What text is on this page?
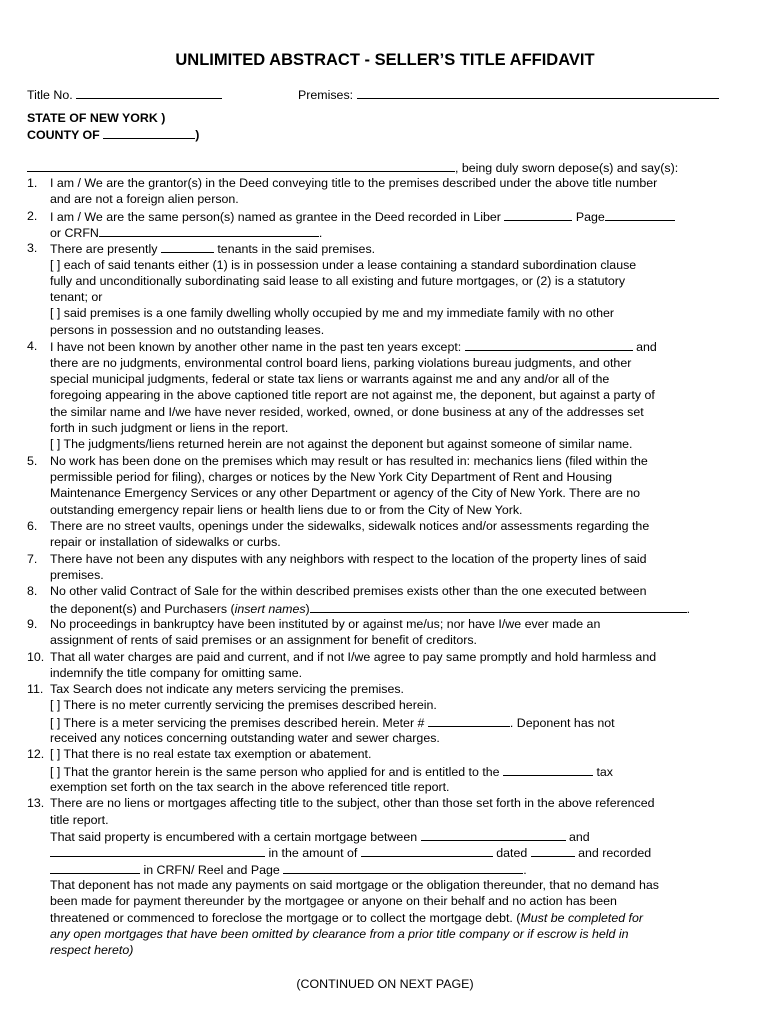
UNLIMITED ABSTRACT - SELLER’S TITLE AFFIDAVIT
Title No.	Premises:
STATE OF NEW YORK )
COUNTY OF	)
, being duly sworn depose(s) and say(s):
1. I am / We are the grantor(s) in the Deed conveying title to the premises described under the above title number
and are not a foreign alien person.
2. I am / We are the same person(s) named as grantee in the Deed recorded in Liber	Page
or CRFN	.
3. There are presently	tenants in the said premises.
[ ] each of said tenants either (1) is in possession under a lease containing a standard subordination clause
fully and unconditionally subordinating said lease to all existing and future mortgages, or (2) is a statutory
tenant; or
[ ] said premises is a one family dwelling wholly occupied by me and my immediate family with no other
persons in possession and no outstanding leases.
4. I have not been known by another other name in the past ten years except:	and
there are no judgments, environmental control board liens, parking violations bureau judgments, and other
special municipal judgments, federal or state tax liens or warrants against me and any and/or all of the
foregoing appearing in the above captioned title report are not against me, the deponent, but against a party of
the similar name and I/we have never resided, worked, owned, or done business at any of the addresses set
forth in such judgment or liens in the report.
[ ] The judgments/liens returned herein are not against the deponent but against someone of similar name.
5. No work has been done on the premises which may result or has resulted in: mechanics liens (filed within the
permissible period for filing), charges or notices by the New York City Department of Rent and Housing
Maintenance Emergency Services or any other Department or agency of the City of New York. There are no
outstanding emergency repair liens or health liens due to or from the City of New York.
6. There are no street vaults, openings under the sidewalks, sidewalk notices and/or assessments regarding the
repair or installation of sidewalks or curbs.
7. There have not been any disputes with any neighbors with respect to the location of the property lines of said
premises.
8. No other valid Contract of Sale for the within described premises exists other than the one executed between
the deponent(s) and Purchasers (insert names)	.
9. No proceedings in bankruptcy have been instituted by or against me/us; nor have I/we ever made an
assignment of rents of said premises or an assignment for benefit of creditors.
10. That all water charges are paid and current, and if not I/we agree to pay same promptly and hold harmless and
indemnify the title company for omitting same.
11. Tax Search does not indicate any meters servicing the premises.
[ ] There is no meter currently servicing the premises described herein.
[ ] There is a meter servicing the premises described herein. Meter #	. Deponent has not
received any notices concerning outstanding water and sewer charges.
12. [ ] That there is no real estate tax exemption or abatement.
[ ] That the grantor herein is the same person who applied for and is entitled to the	tax
exemption set forth on the tax search in the above referenced title report.
13. There are no liens or mortgages affecting title to the subject, other than those set forth in the above referenced
title report.
That said property is encumbered with a certain mortgage between	and
in the amount of	dated	and recorded
in CRFN/ Reel and Page	.
That deponent has not made any payments on said mortgage or the obligation thereunder, that no demand has
been made for payment thereunder by the mortgagee or anyone on their behalf and no action has been
threatened or commenced to foreclose the mortgage or to collect the mortgage debt. (Must be completed for
any open mortgages that have been omitted by clearance from a prior title company or if escrow is held in
respect hereto)
(CONTINUED ON NEXT PAGE)
